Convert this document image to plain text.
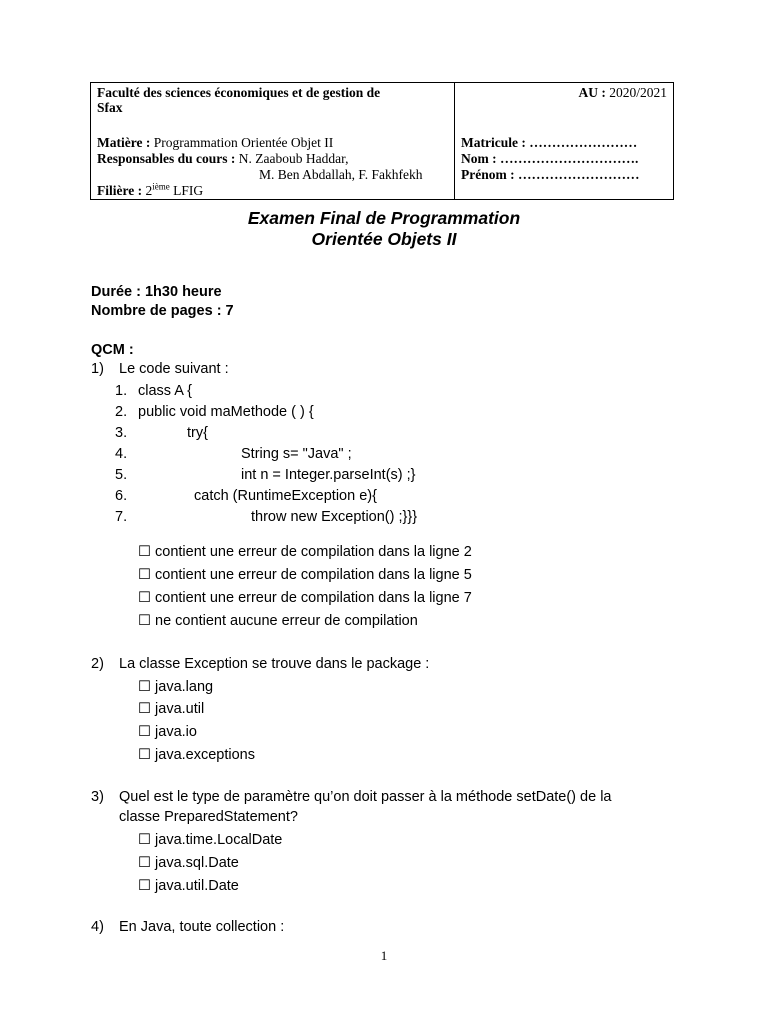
Faculté des sciences économiques et de gestion de
Sfax
Matière : Programmation Orientée Objet II
Responsables du cours : N. Zaaboub Haddar,
M. Ben Abdallah, F. Fakhfekh
Filière : 2ième LFIG
AU : 2020/2021
Matricule : ……………………
Nom : ………………………….
Prénom : ………………………
Examen Final de Programmation
Orientée Objets II
Durée : 1h30 heure
Nombre de pages : 7
QCM :
1) Le code suivant :
1. class A {
2. public void maMethode ( ) {
3.	try{
4.	String s= "Java" ;
5.	int n = Integer.parseInt(s) ;}
6.	catch (RuntimeException e){
7.	throw new Exception() ;}}}
☐ contient une erreur de compilation dans la ligne 2
☐ contient une erreur de compilation dans la ligne 5
☐ contient une erreur de compilation dans la ligne 7
☐ ne contient aucune erreur de compilation
2) La classe Exception se trouve dans le package :
☐ java.lang
☐ java.util
☐ java.io
☐ java.exceptions
3) Quel est le type de paramètre qu’on doit passer à la méthode setDate() de la
classe PreparedStatement?
☐ java.time.LocalDate
☐ java.sql.Date
☐ java.util.Date
4) En Java, toute collection :
1
